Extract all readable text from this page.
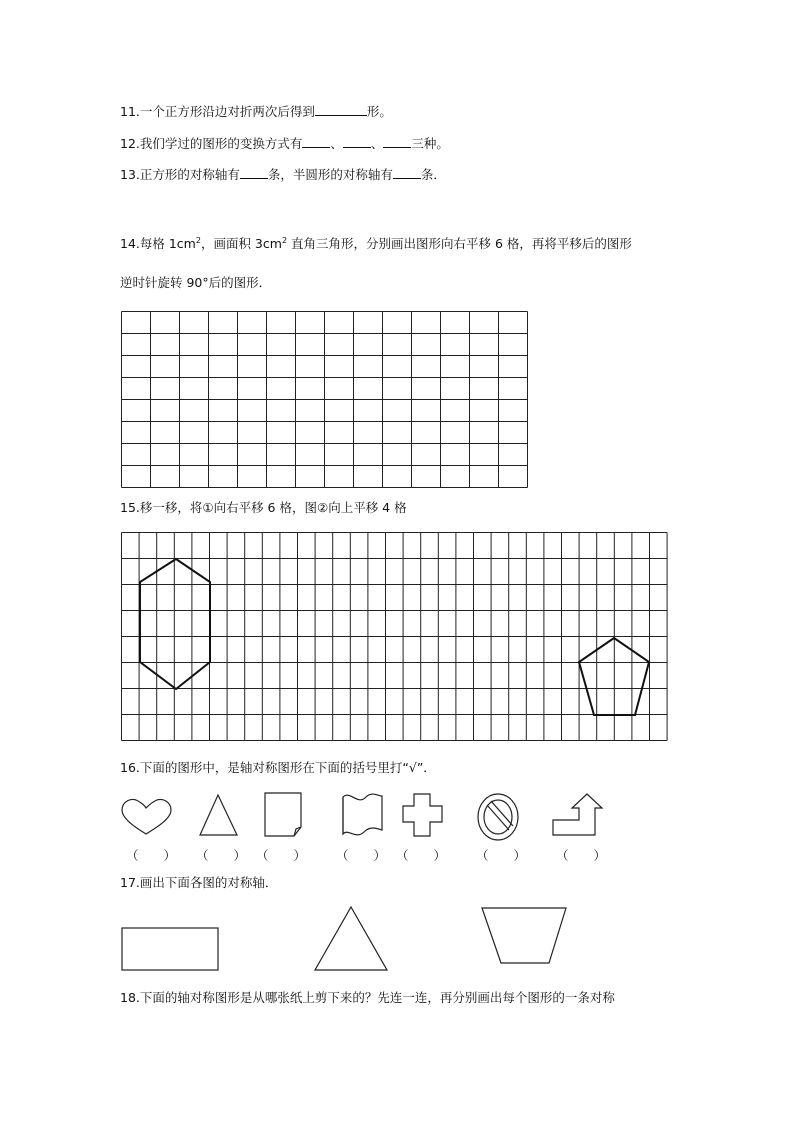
11.一个正方形沿边对折两次后得到	形。
12.我们学过的图形的变换方式有 、 、 三种。
13.正方形的对称轴有 条，半圆形的对称轴有 条．
14.每格 $1cm^2$，画面积 $3cm^2$ 直角三角形，分别画出图形向右平移 6 格，再将平移后的图形
逆时针旋转 90°后的图形．
15.移一移，将①向右平移 6 格，图②向上平移 4 格
16.下面的图形中，是轴对称图形在下面的括号里打“√”．
（　　） （　　） （　　） （　　） （　　） （　　） （　　）
17.画出下面各图的对称轴．
18.下面的轴对称图形是从哪张纸上剪下来的？先连一连，再分别画出每个图形的一条对称
